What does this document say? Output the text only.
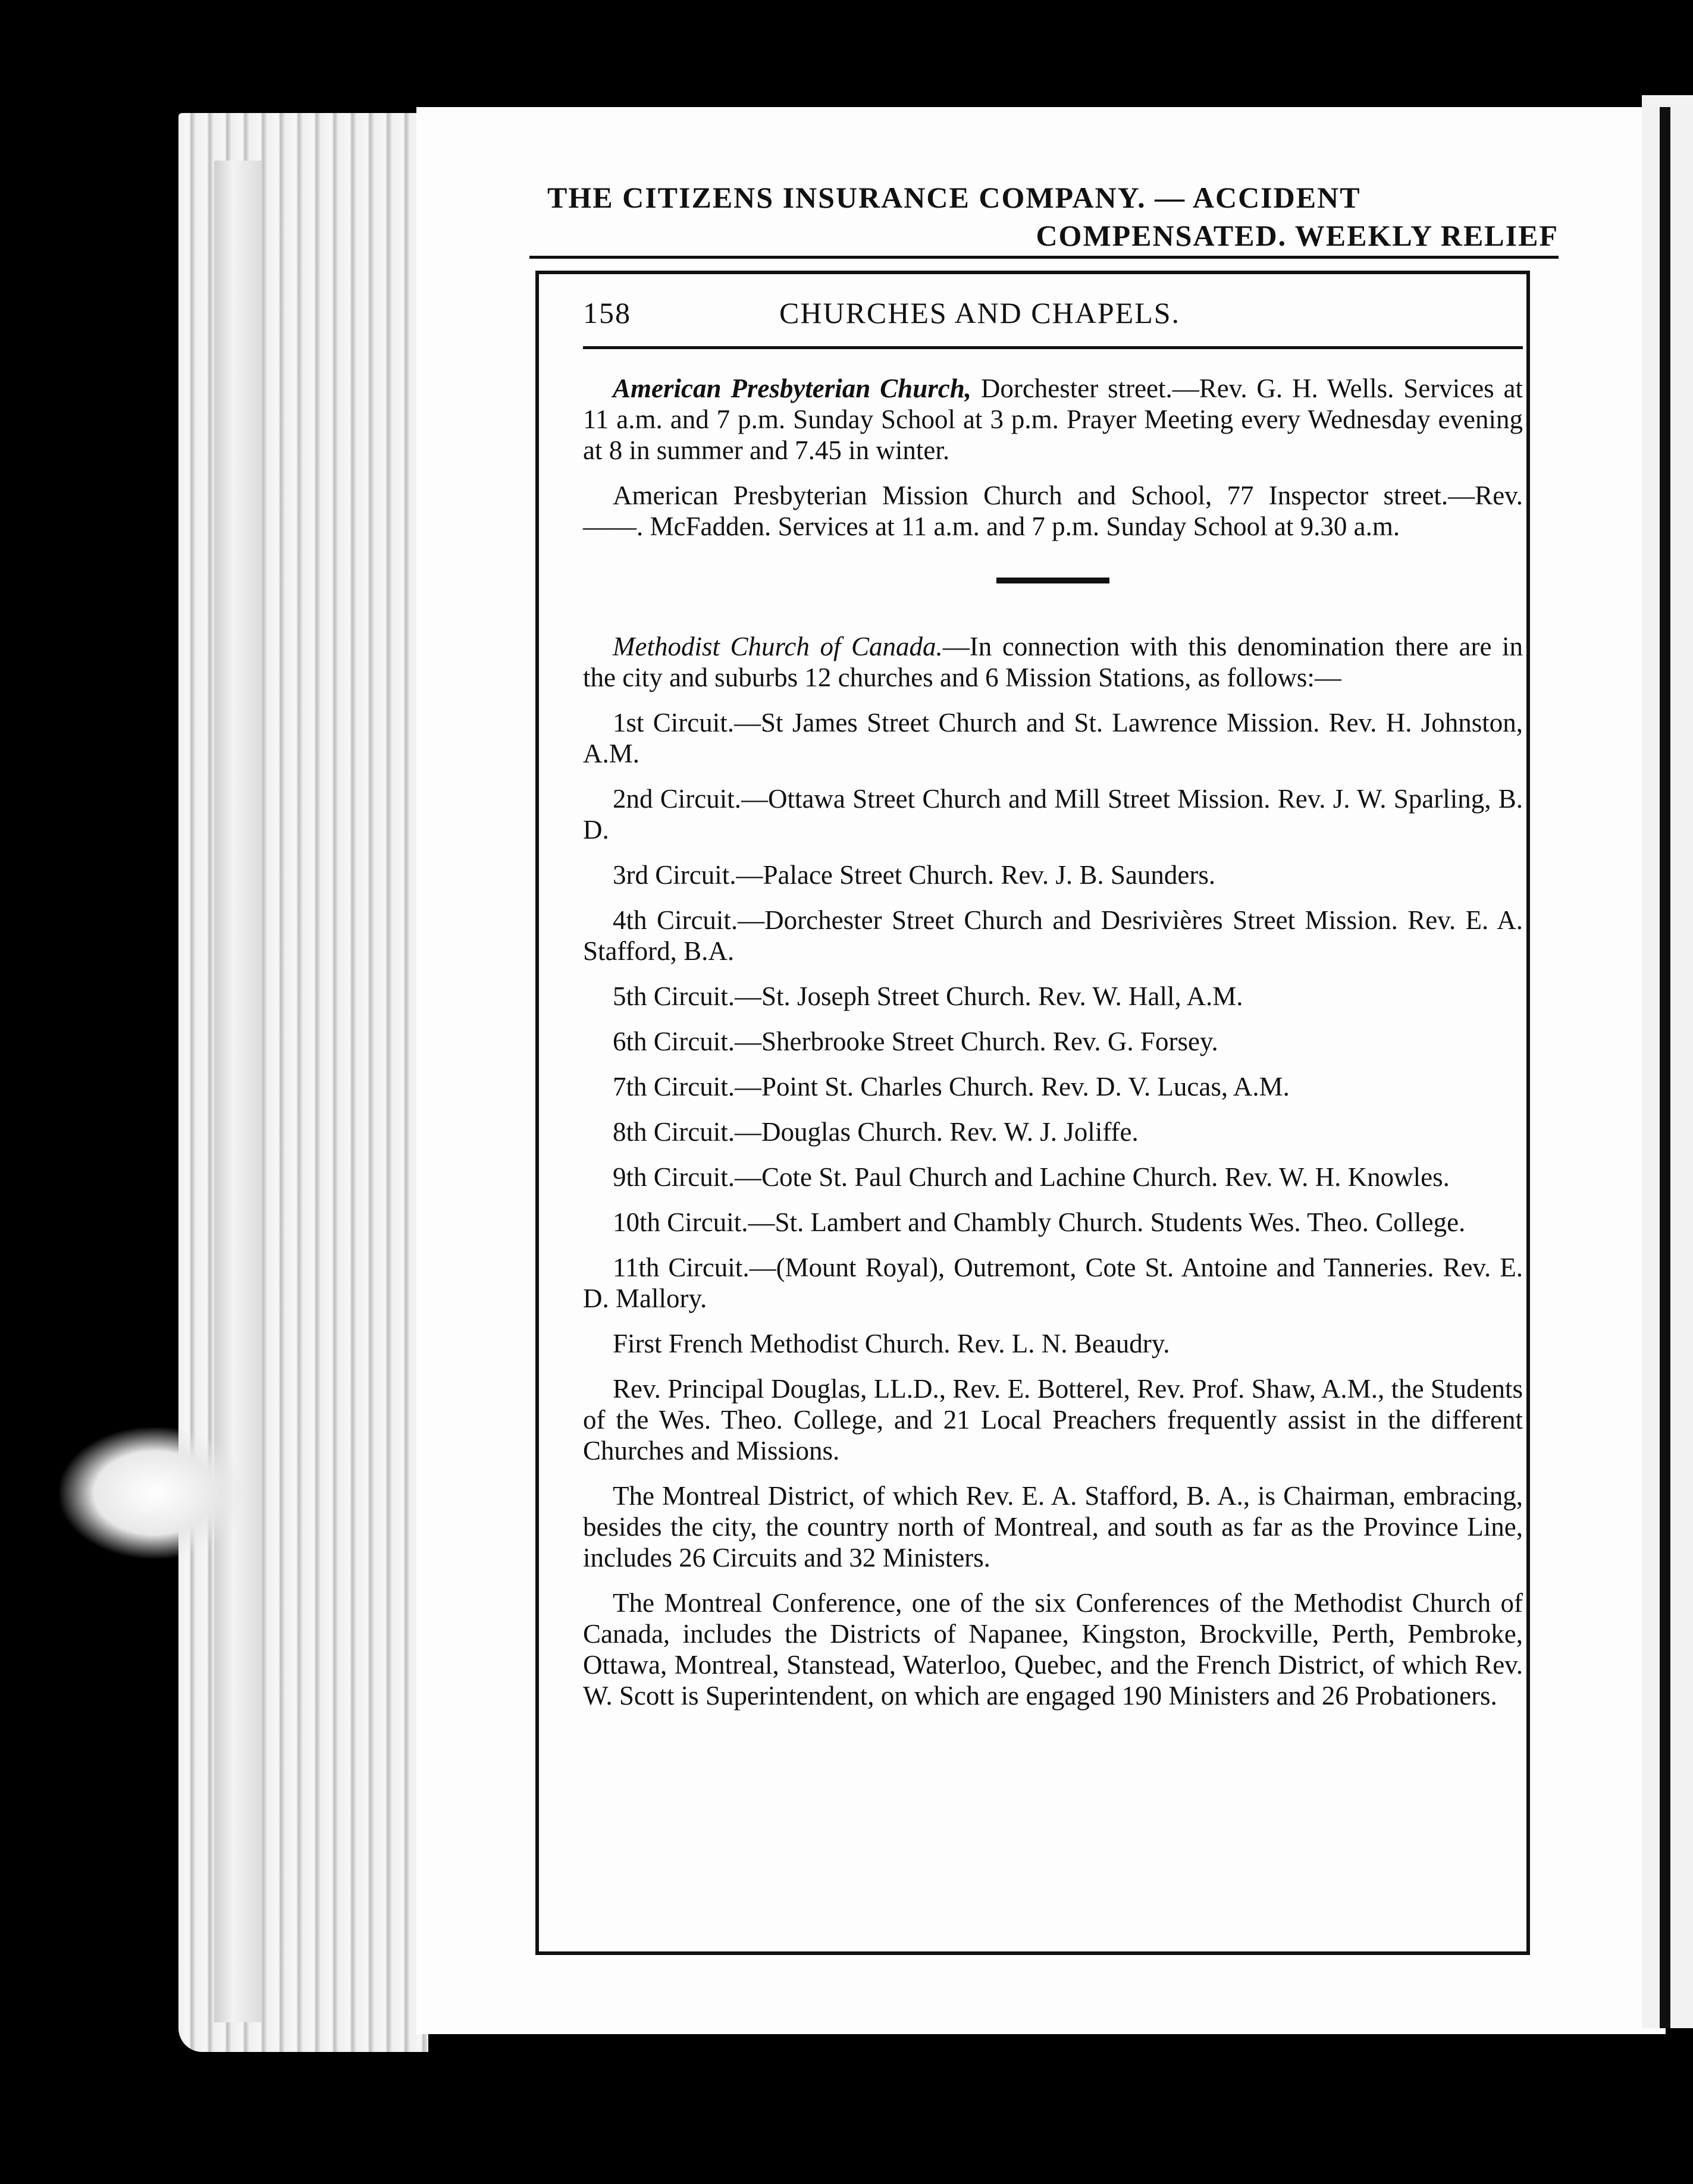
THE CITIZENS INSURANCE COMPANY. — ACCIDENT
COMPENSATED. WEEKLY RELIEF
158	CHURCHES AND CHAPELS.

American Presbyterian Church, Dorchester street.—Rev. G. H. Wells. Services at 11 a.m. and 7 p.m. Sunday School at 3 p.m. Prayer Meeting every Wednesday evening at 8 in summer and 7.45 in winter.

American Presbyterian Mission Church and School, 77 Inspector street.—Rev. ——. McFadden. Services at 11 a.m. and 7 p.m. Sunday School at 9.30 a.m.

Methodist Church of Canada.—In connection with this denomination there are in the city and suburbs 12 churches and 6 Mission Stations, as follows:—

1st Circuit.—St James Street Church and St. Lawrence Mission. Rev. H. Johnston, A.M.

2nd Circuit.—Ottawa Street Church and Mill Street Mission. Rev. J. W. Sparling, B. D.

3rd Circuit.—Palace Street Church. Rev. J. B. Saunders.

4th Circuit.—Dorchester Street Church and Desrivières Street Mission. Rev. E. A. Stafford, B.A.

5th Circuit.—St. Joseph Street Church. Rev. W. Hall, A.M.

6th Circuit.—Sherbrooke Street Church. Rev. G. Forsey.

7th Circuit.—Point St. Charles Church. Rev. D. V. Lucas, A.M.

8th Circuit.—Douglas Church. Rev. W. J. Joliffe.

9th Circuit.—Cote St. Paul Church and Lachine Church. Rev. W. H. Knowles.

10th Circuit.—St. Lambert and Chambly Church. Students Wes. Theo. College.

11th Circuit.—(Mount Royal), Outremont, Cote St. Antoine and Tanneries. Rev. E. D. Mallory.

First French Methodist Church. Rev. L. N. Beaudry.

Rev. Principal Douglas, LL.D., Rev. E. Botterel, Rev. Prof. Shaw, A.M., the Students of the Wes. Theo. College, and 21 Local Preachers frequently assist in the different Churches and Missions.

The Montreal District, of which Rev. E. A. Stafford, B. A., is Chairman, embracing, besides the city, the country north of Montreal, and south as far as the Province Line, includes 26 Circuits and 32 Ministers.

The Montreal Conference, one of the six Conferences of the Methodist Church of Canada, includes the Districts of Napanee, Kingston, Brockville, Perth, Pembroke, Ottawa, Montreal, Stanstead, Waterloo, Quebec, and the French District, of which Rev. W. Scott is Superintendent, on which are engaged 190 Ministers and 26 Probationers.
